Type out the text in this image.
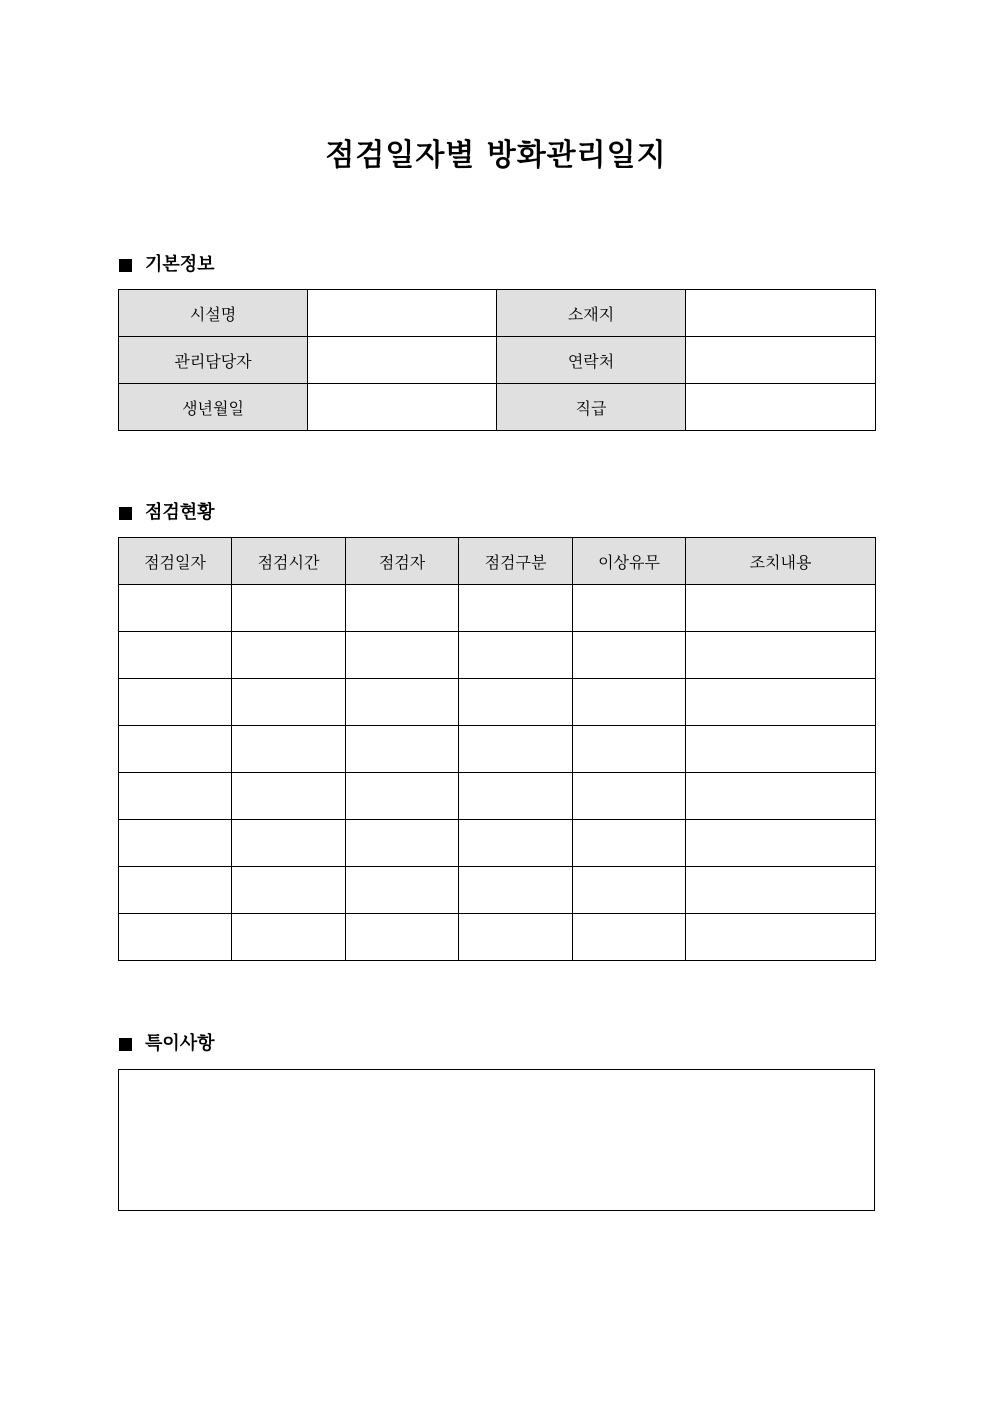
점검일자별 방화관리일지
기본정보
시설명		소재지	
관리담당자		연락처	
생년월일		직급	
점검현황
점검일자	점검시간	점검자	점검구분	이상유무	조치내용

특이사항
